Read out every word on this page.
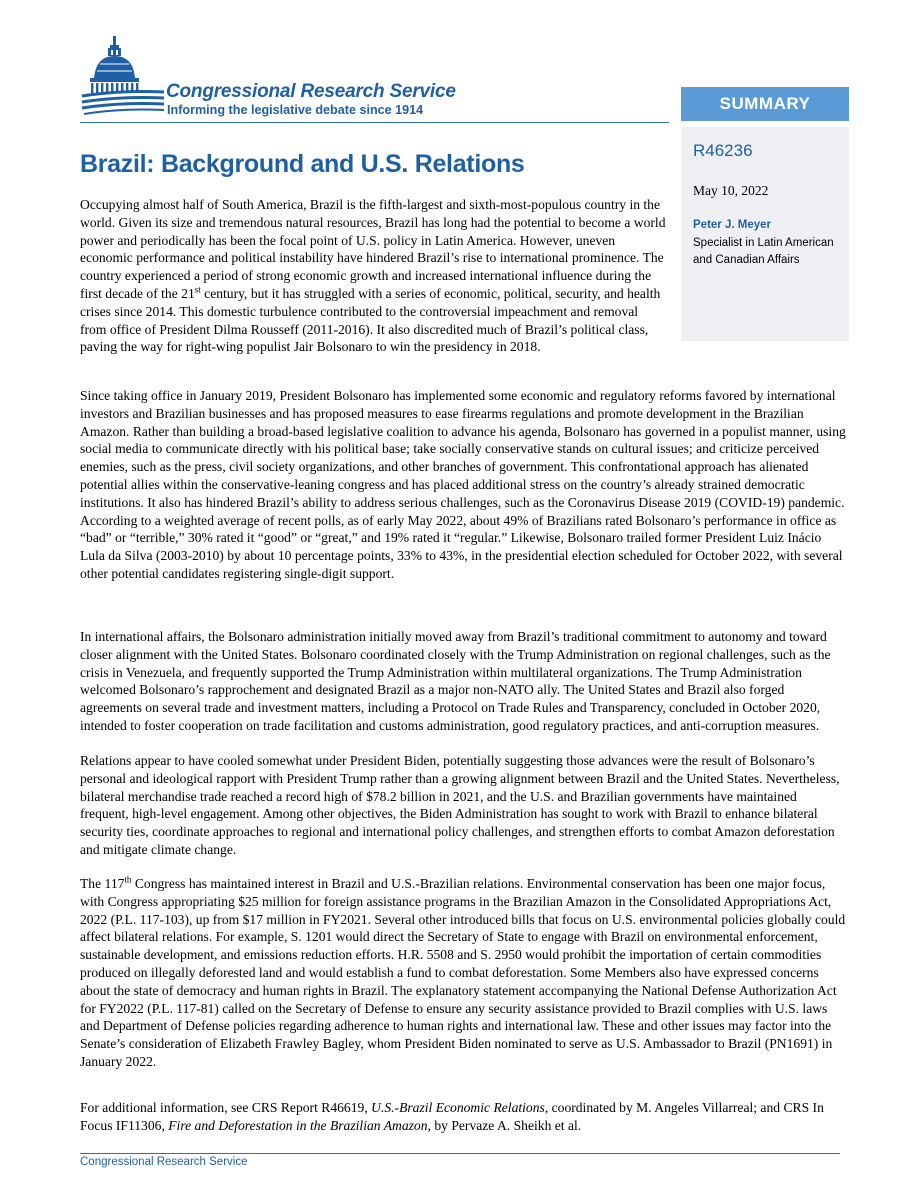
Congressional Research Service

Informing the legislative debate since 1914	SUMMARY

R46236

May 10, 2022

Peter J. Meyer

Specialist in Latin American and Canadian Affairs

Brazil: Background and U.S. Relations

Occupying almost half of South America, Brazil is the fifth-largest and sixth-most-populous country in the world. Given its size and tremendous natural resources, Brazil has long had the potential to become a world power and periodically has been the focal point of U.S. policy in Latin America. However, uneven economic performance and political instability have hindered Brazil’s rise to international prominence. The country experienced a period of strong economic growth and increased international influence during the first decade of the 21st century, but it has struggled with a series of economic, political, security, and health crises since 2014. This domestic turbulence contributed to the controversial impeachment and removal from office of President Dilma Rousseff (2011-2016). It also discredited much of Brazil’s political class, paving the way for right-wing populist Jair Bolsonaro to win the presidency in 2018.

Since taking office in January 2019, President Bolsonaro has implemented some economic and regulatory reforms favored by international investors and Brazilian businesses and has proposed measures to ease firearms regulations and promote development in the Brazilian Amazon. Rather than building a broad-based legislative coalition to advance his agenda, Bolsonaro has governed in a populist manner, using social media to communicate directly with his political base; take socially conservative stands on cultural issues; and criticize perceived enemies, such as the press, civil society organizations, and other branches of government. This confrontational approach has alienated potential allies within the conservative-leaning congress and has placed additional stress on the country’s already strained democratic institutions. It also has hindered Brazil’s ability to address serious challenges, such as the Coronavirus Disease 2019 (COVID-19) pandemic. According to a weighted average of recent polls, as of early May 2022, about 49% of Brazilians rated Bolsonaro’s performance in office as “bad” or “terrible,” 30% rated it “good” or “great,” and 19% rated it “regular.” Likewise, Bolsonaro trailed former President Luiz Inácio Lula da Silva (2003-2010) by about 10 percentage points, 33% to 43%, in the presidential election scheduled for October 2022, with several other potential candidates registering single-digit support.

In international affairs, the Bolsonaro administration initially moved away from Brazil’s traditional commitment to autonomy and toward closer alignment with the United States. Bolsonaro coordinated closely with the Trump Administration on regional challenges, such as the crisis in Venezuela, and frequently supported the Trump Administration within multilateral organizations. The Trump Administration welcomed Bolsonaro’s rapprochement and designated Brazil as a major non-NATO ally. The United States and Brazil also forged agreements on several trade and investment matters, including a Protocol on Trade Rules and Transparency, concluded in October 2020, intended to foster cooperation on trade facilitation and customs administration, good regulatory practices, and anti-corruption measures.

Relations appear to have cooled somewhat under President Biden, potentially suggesting those advances were the result of Bolsonaro’s personal and ideological rapport with President Trump rather than a growing alignment between Brazil and the United States. Nevertheless, bilateral merchandise trade reached a record high of $78.2 billion in 2021, and the U.S. and Brazilian governments have maintained frequent, high-level engagement. Among other objectives, the Biden Administration has sought to work with Brazil to enhance bilateral security ties, coordinate approaches to regional and international policy challenges, and strengthen efforts to combat Amazon deforestation and mitigate climate change.

The 117th Congress has maintained interest in Brazil and U.S.-Brazilian relations. Environmental conservation has been one major focus, with Congress appropriating $25 million for foreign assistance programs in the Brazilian Amazon in the Consolidated Appropriations Act, 2022 (P.L. 117-103), up from $17 million in FY2021. Several other introduced bills that focus on U.S. environmental policies globally could affect bilateral relations. For example, S. 1201 would direct the Secretary of State to engage with Brazil on environmental enforcement, sustainable development, and emissions reduction efforts. H.R. 5508 and S. 2950 would prohibit the importation of certain commodities produced on illegally deforested land and would establish a fund to combat deforestation. Some Members also have expressed concerns about the state of democracy and human rights in Brazil. The explanatory statement accompanying the National Defense Authorization Act for FY2022 (P.L. 117-81) called on the Secretary of Defense to ensure any security assistance provided to Brazil complies with U.S. laws and Department of Defense policies regarding adherence to human rights and international law. These and other issues may factor into the Senate’s consideration of Elizabeth Frawley Bagley, whom President Biden nominated to serve as U.S. Ambassador to Brazil (PN1691) in January 2022.

For additional information, see CRS Report R46619, U.S.-Brazil Economic Relations, coordinated by M. Angeles Villarreal; and CRS In Focus IF11306, Fire and Deforestation in the Brazilian Amazon, by Pervaze A. Sheikh et al.

Congressional Research Service
